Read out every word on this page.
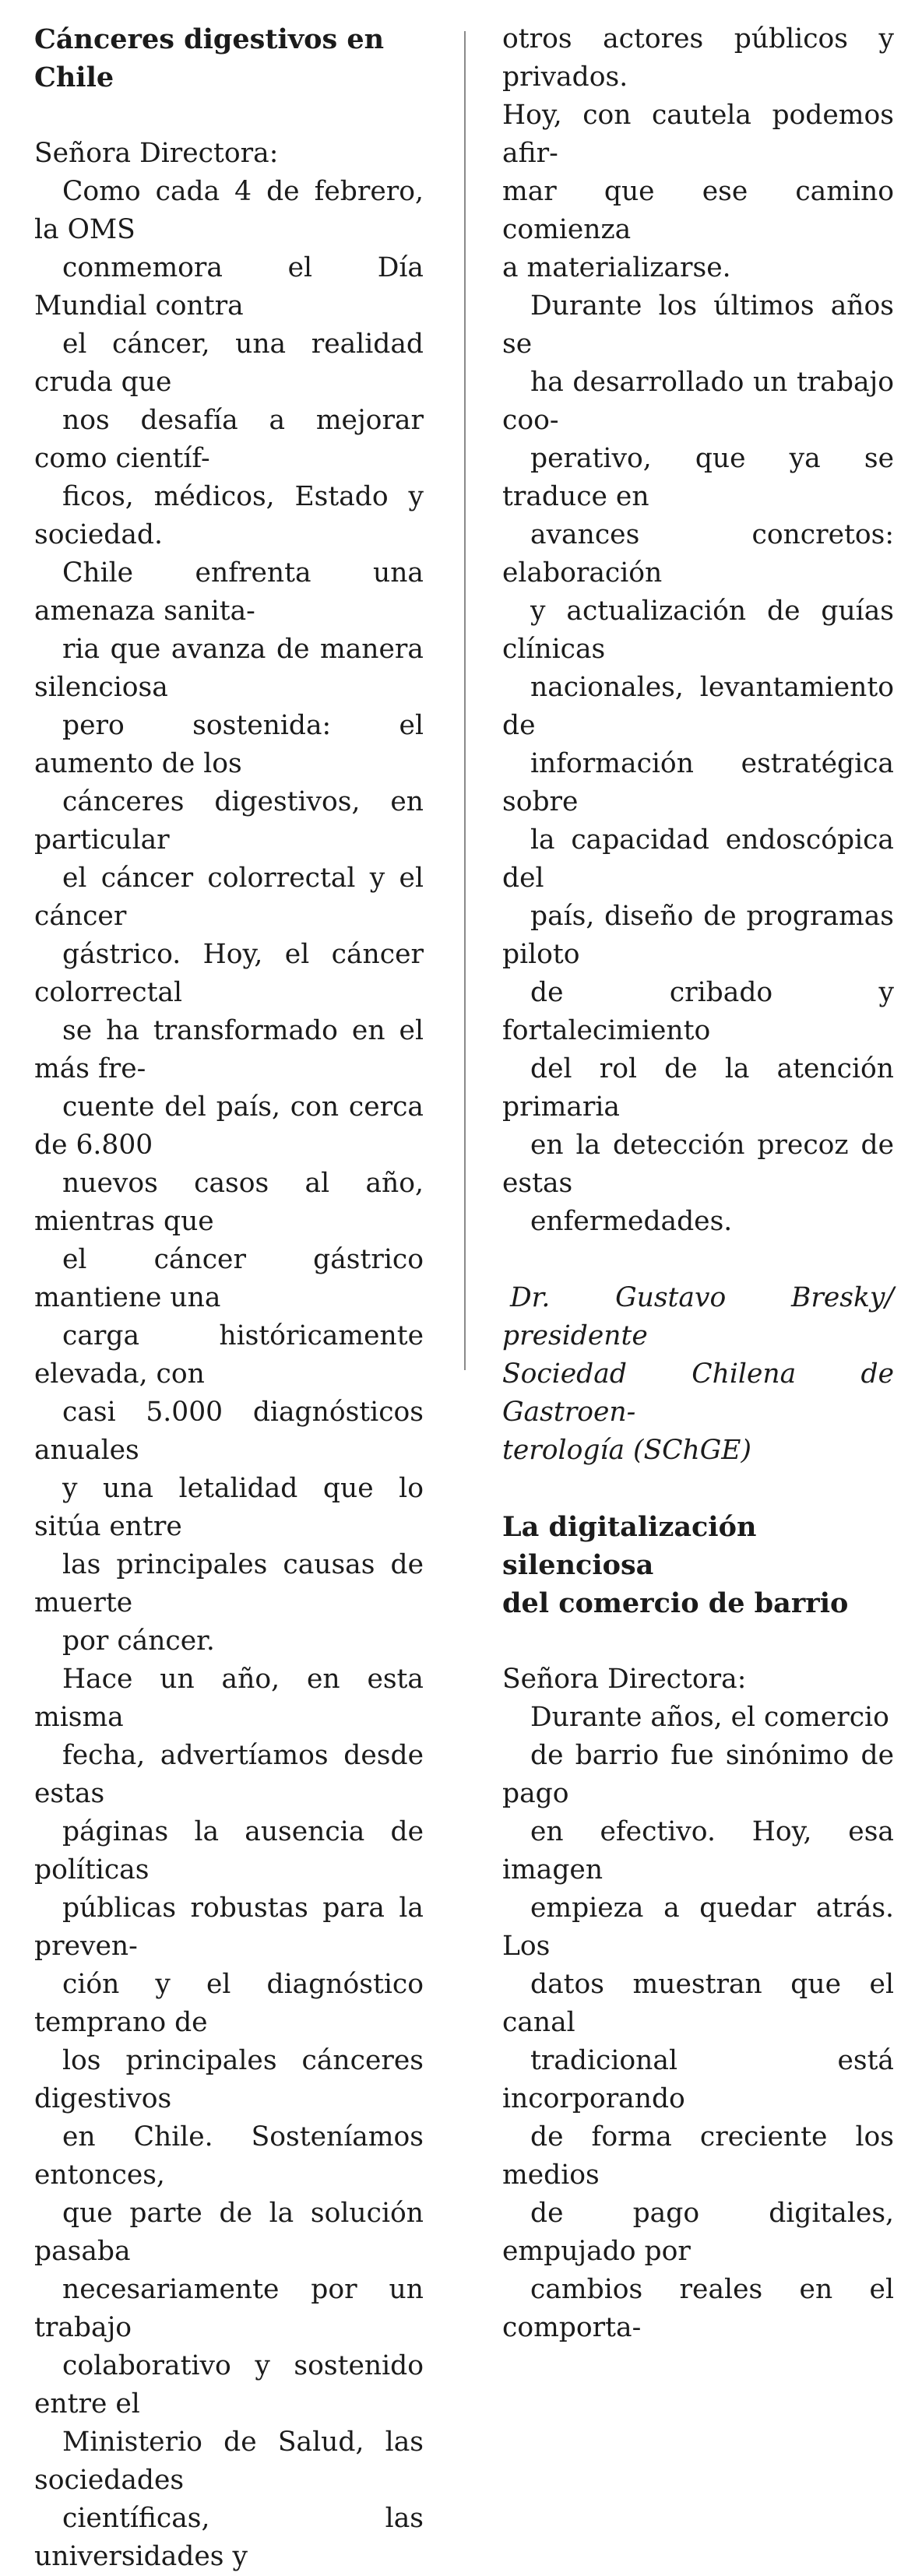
Cánceres digestivos en Chile
Señora Directora:

Como cada 4 de febrero, la OMS
conmemora el Día Mundial contra
el cáncer, una realidad cruda que
nos desafía a mejorar como científ-
ficos, médicos, Estado y sociedad.
Chile enfrenta una amenaza sanita-
ria que avanza de manera silenciosa
pero sostenida: el aumento de los
cánceres digestivos, en particular
el cáncer colorrectal y el cáncer
gástrico. Hoy, el cáncer colorrectal
se ha transformado en el más fre-
cuente del país, con cerca de 6.800
nuevos casos al año, mientras que
el cáncer gástrico mantiene una
carga históricamente elevada, con
casi 5.000 diagnósticos anuales
y una letalidad que lo sitúa entre
las principales causas de muerte
por cáncer.

Hace un año, en esta misma
fecha, advertíamos desde estas
páginas la ausencia de políticas
públicas robustas para la preven-
ción y el diagnóstico temprano de
los principales cánceres digestivos
en Chile. Sosteníamos entonces,
que parte de la solución pasaba
necesariamente por un trabajo
colaborativo y sostenido entre el
Ministerio de Salud, las sociedades
científicas, las universidades y

otros actores públicos y privados.
Hoy, con cautela podemos afir-
mar que ese camino comienza
a materializarse.

Durante los últimos años se
ha desarrollado un trabajo coo-
perativo, que ya se traduce en
avances concretos: elaboración
y actualización de guías clínicas
nacionales, levantamiento de
información estratégica sobre
la capacidad endoscópica del
país, diseño de programas piloto
de cribado y fortalecimiento
del rol de la atención primaria
en la detección precoz de estas
enfermedades.

Dr. Gustavo Bresky/ presidente
Sociedad Chilena de Gastroen-
terología (SChGE)
La digitalización silenciosa
del comercio de barrio
Señora Directora:

Durante años, el comercio
de barrio fue sinónimo de pago
en efectivo. Hoy, esa imagen
empieza a quedar atrás. Los
datos muestran que el canal
tradicional está incorporando
de forma creciente los medios
de pago digitales, empujado por
cambios reales en el comporta-
